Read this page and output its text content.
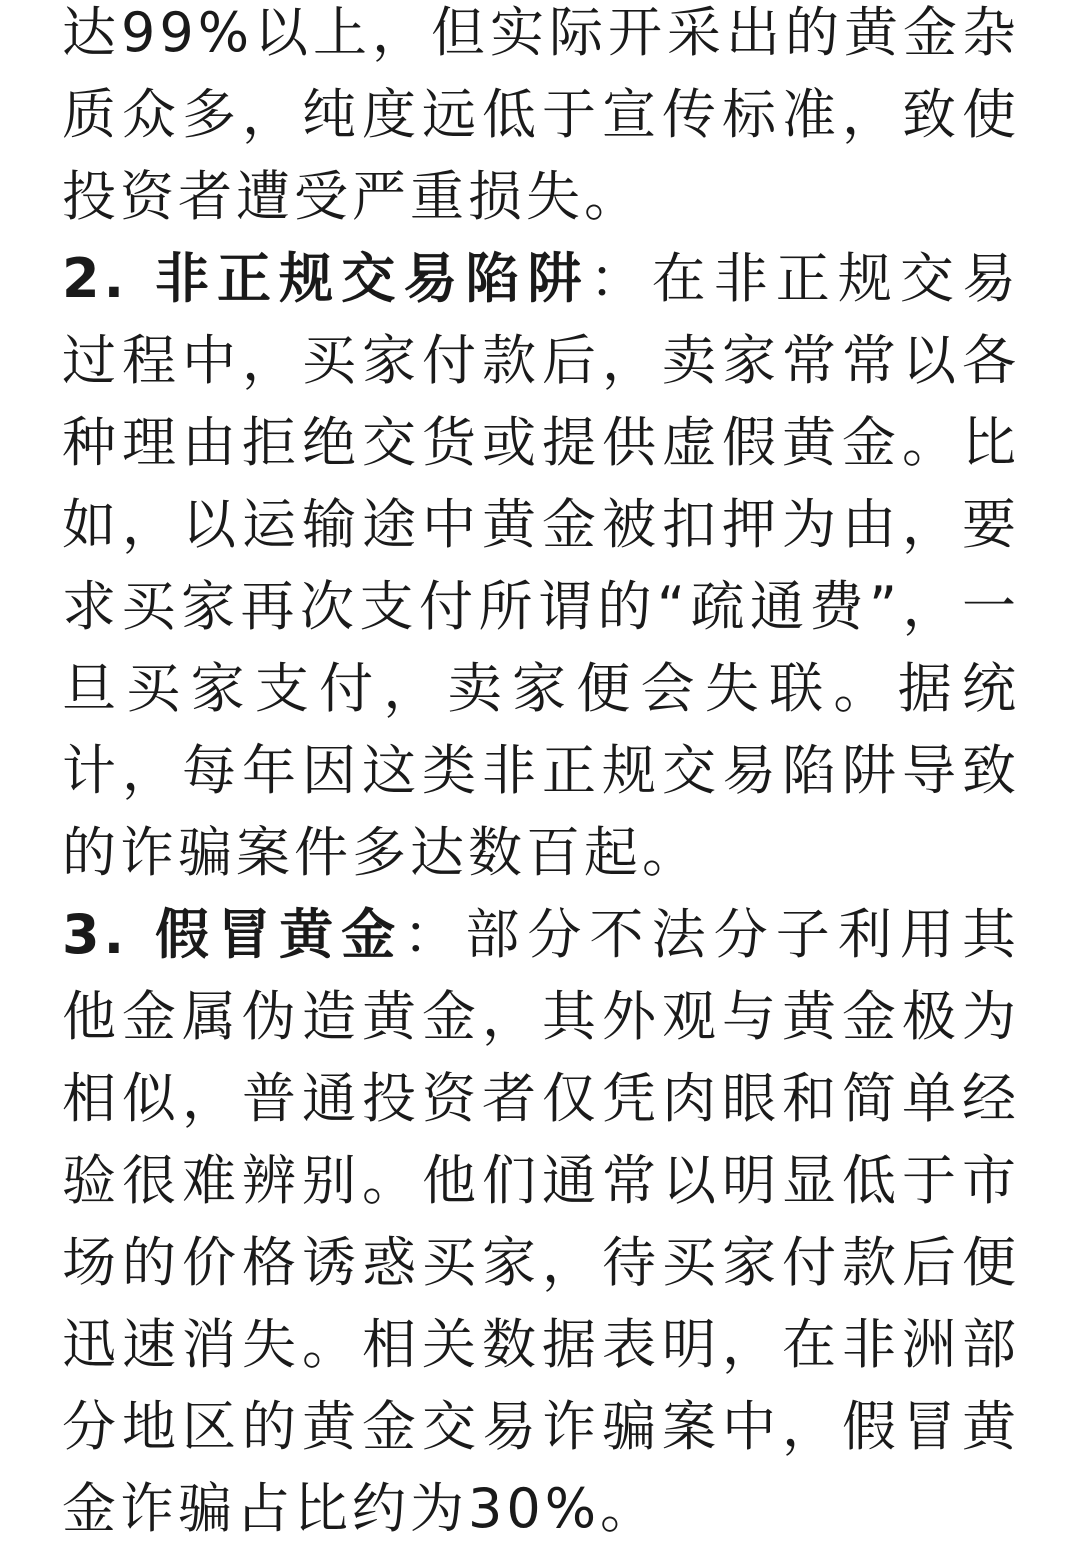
达99%以上，但实际开采出的黄金杂质众多，纯度远低于宣传标准，致使投资者遭受严重损失。

2. 非正规交易陷阱：在非正规交易过程中，买家付款后，卖家常常以各种理由拒绝交货或提供虚假黄金。比如，以运输途中黄金被扣押为由，要求买家再次支付所谓的“疏通费”，一旦买家支付，卖家便会失联。据统计，每年因这类非正规交易陷阱导致的诈骗案件多达数百起。

3. 假冒黄金：部分不法分子利用其他金属伪造黄金，其外观与黄金极为相似，普通投资者仅凭肉眼和简单经验很难辨别。他们通常以明显低于市场的价格诱惑买家，待买家付款后便迅速消失。相关数据表明，在非洲部分地区的黄金交易诈骗案中，假冒黄金诈骗占比约为30%。
